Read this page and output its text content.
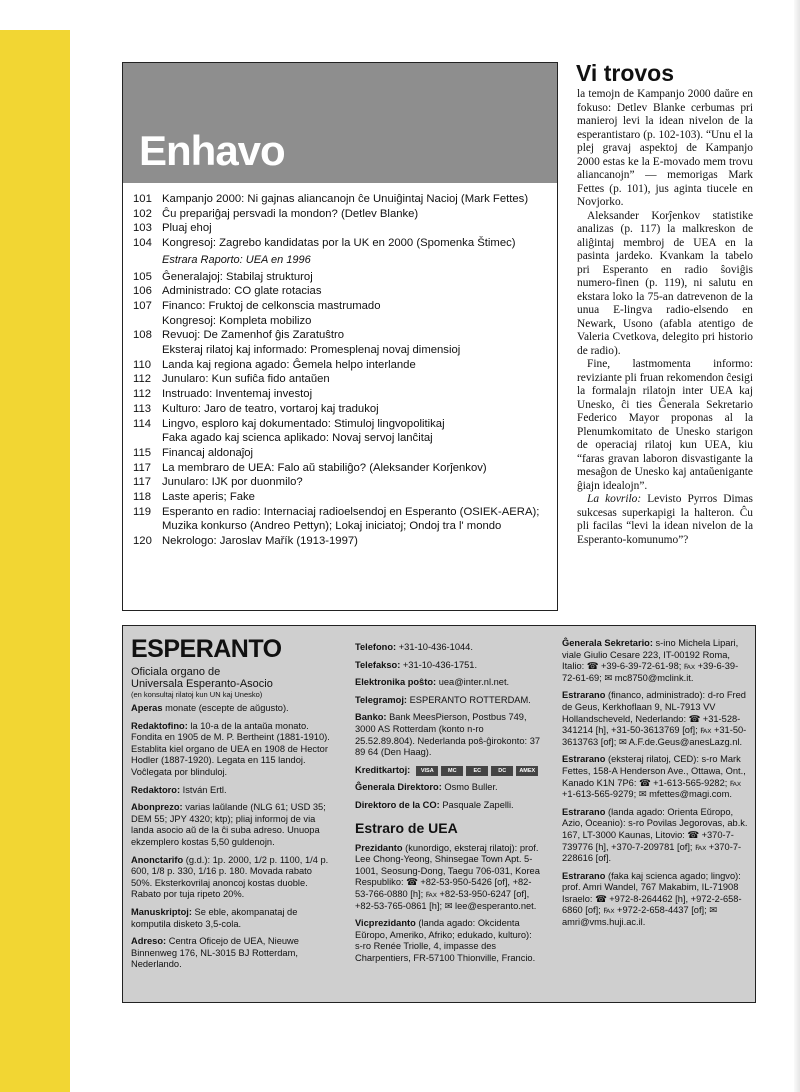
Enhavo
101 Kampanjo 2000: Ni gajnas aliancanojn ĉe Unuiĝintaj Nacioj (Mark Fettes)
102 Ĉu prepariĝaj persvadi la mondon? (Detlev Blanke)
103 Pluaj ehoj
104 Kongresoj: Zagrebo kandidatas por la UK en 2000 (Spomenka Štimec)
Estrara Raporto: UEA en 1996
105 Ĝeneralajoj: Stabilaj strukturoj
106 Administrado: CO glate rotacias
107 Financo: Fruktoj de celkonscia mastrumado
Kongresoj: Kompleta mobilizo
108 Revuoj: De Zamenhof ĝis Zaratuŝtro
Eksteraj rilatoj kaj informado: Promesplenaj novaj dimensioj
110 Landa kaj regiona agado: Ĝemela helpo interlande
112 Junularo: Kun sufiĉa fido antaŭen
112 Instruado: Inventemaj investoj
113 Kulturo: Jaro de teatro, vortaroj kaj tradukoj
114 Lingvo, esploro kaj dokumentado: Stimuloj lingvopolitikaj
Faka agado kaj scienca aplikado: Novaj servoj lanĉitaj
115 Financaj aldonaĵoj
117 La membraro de UEA: Falo aŭ stabiliĝo? (Aleksander Korĵenkov)
117 Junularo: IJK por duonmilo?
118 Laste aperis; Fake
119 Esperanto en radio: Internaciaj radioelsendoj en Esperanto (OSIEK-AERA); Muzika konkurso (Andreo Pettyn); Lokaj iniciatoj; Ondoj tra l' mondo
120 Nekrologo: Jaroslav Mařík (1913-1997)
Vi trovos

la temojn de Kampanjo 2000 daŭre en fokuso: Detlev Blanke cerbumas pri manieroj levi la idean nivelon de la esperantistaro (p. 102-103). “Unu el la plej gravaj aspektoj de Kampanjo 2000 estas ke la E-movado mem trovu aliancanojn” — memorigas Mark Fettes (p. 101), jus aginta tiucele en Novjorko.

Aleksander Korĵenkov statistike analizas (p. 117) la malkreskon de aliĝintaj membroj de UEA en la pasinta jardeko. Kvankam la tabelo pri Esperanto en radio ŝoviĝis numero-finen (p. 119), ni salutu en ekstara loko la 75-an datrevenon de la unua E-lingva radio-elsendo en Newark, Usono (afabla atentigo de Valeria Cvetkova, delegito pri historio de radio).

Fine, lastmomenta informo: reviziante pli fruan rekomendon ĉesigi la formalajn rilatojn inter UEA kaj Unesko, ĉi ties Ĝenerala Sekretario Federico Mayor proponas al la Plenumkomitato de Unesko starigon de operaciaj rilatoj kun UEA, kiu “faras gravan laboron disvastigante la mesaĝon de Unesko kaj antaŭenigante ĝiajn idealojn”.

La kovrilo: Levisto Pyrros Dimas sukcesas superkapigi la halteron. Ĉu pli facilas “levi la idean nivelon de la Esperanto-komunumo”?

ESPERANTO
Oficiala organo de
Universala Esperanto-Asocio
(en konsultaj rilatoj kun UN kaj Unesko)
Aperas monate (escepte de aŭgusto).
Redaktofino: la 10-a de la antaŭa monato. Fondita en 1905 de M. P. Bertheint (1881-1910). Establita kiel organo de UEA en 1908 de Hector Hodler (1887-1920). Legata en 115 landoj. Voĉlegata por blinduloj.
Redaktoro: István Ertl.
Abonprezo: varias laŭlande (NLG 61; USD 35; DEM 55; JPY 4320; ktp); pliaj informoj de via landa asocio aŭ de la ĉi suba adreso. Unuopa ekzemplero kostas 5,50 guldenojn.
Anonctarifo (g.d.): 1p. 2000, 1/2 p. 1100, 1/4 p. 600, 1/8 p. 330, 1/16 p. 180. Movada rabato 50%. Eksterkovrilaj anoncoj kostas duoble. Rabato por tuja ripeto 20%.
Manuskriptoj: Se eble, akompanataj de komputila disketo 3,5-cola.
Adreso: Centra Oficejo de UEA, Nieuwe Binnenweg 176, NL-3015 BJ Rotterdam, Nederlando.
Telefono: +31-10-436-1044.
Telefakso: +31-10-436-1751.
Elektronika poŝto: uea@inter.nl.net.
Telegramoj: ESPERANTO ROTTERDAM.
Banko: Bank MeesPierson, Postbus 749, 3000 AS Rotterdam (konto n-ro 25.52.89.804). Nederlanda poŝ-ĝirokonto: 37 89 64 (Den Haag).
Kreditkartoj:	VISA	MC	EC	DC	AMEX
Ĝenerala Direktoro: Osmo Buller.
Direktoro de la CO: Pasquale Zapelli.
Estraro de UEA
Prezidanto (kunordigo, eksteraj rilatoj): prof. Lee Chong-Yeong, Shinsegae Town Apt. 5-1001, Seosung-Dong, Taegu 706-031, Korea Respubliko: ☎ +82-53-950-5426 [of], +82-53-766-0880 [h]; ℻ +82-53-950-6247 [of], +82-53-765-0861 [h]; ✉ lee@esperanto.net.
Vicprezidanto (landa agado: Okcidenta Eŭropo, Ameriko, Afriko; edukado, kulturo): s-ro Renée Triolle, 4, impasse des Charpentiers, FR-57100 Thionville, Francio.
Ĝenerala Sekretario: s-ino Michela Lipari, viale Giulio Cesare 223, IT-00192 Roma, Italio: ☎ +39-6-39-72-61-98; ℻ +39-6-39-72-61-69; ✉ mc8750@mclink.it.
Estrarano (financo, administrado): d-ro Fred de Geus, Kerkhoflaan 9, NL-7913 VV Hollandscheveld, Nederlando: ☎ +31-528-341214 [h], +31-50-3613769 [of]; ℻ +31-50-3613763 [of]; ✉ A.F.de.Geus@anesLazg.nl.
Estrarano (eksteraj rilatoj, CED): s-ro Mark Fettes, 158-A Henderson Ave., Ottawa, Ont., Kanado K1N 7P6: ☎ +1-613-565-9282; ℻ +1-613-565-9279; ✉ mfettes@magi.com.
Estrarano (landa agado: Orienta Eŭropo, Azio, Oceanio): s-ro Povilas Jegorovas, ab.k. 167, LT-3000 Kaunas, Litovio: ☎ +370-7-739776 [h], +370-7-209781 [of]; ℻ +370-7-228616 [of].
Estrarano (faka kaj scienca agado; lingvo): prof. Amri Wandel, 767 Makabim, IL-71908 Israelo: ☎ +972-8-264462 [h], +972-2-658-6860 [of]; ℻ +972-2-658-4437 [of]; ✉ amri@vms.huji.ac.il.
